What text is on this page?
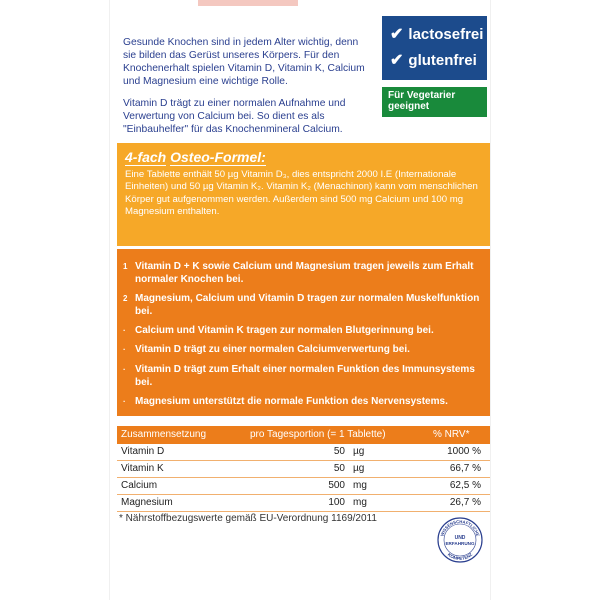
Gesunde Knochen sind in jedem Alter wichtig, denn sie bilden das Gerüst unseres Körpers. Für den Knochenerhalt spielen Vitamin D, Vitamin K, Calcium und Magnesium eine wichtige Rolle.

Vitamin D trägt zu einer normalen Aufnahme und Verwertung von Calcium bei. So dient es als "Einbauhelfer" für das Knochenmineral Calcium.

✔ lactosefrei
✔ glutenfrei
Für Vegetarier geeignet
4-fach Osteo-Formel:
Eine Tablette enthält 50 µg Vitamin D₃, dies entspricht 2000 I.E (Internationale Einheiten) und 50 µg Vitamin K₂. Vitamin K₂ (Menachinon) kann vom menschlichen Körper gut aufgenommen werden. Außerdem sind 500 mg Calcium und 100 mg Magnesium enthalten.
1 Vitamin D + K sowie Calcium und Magnesium tragen jeweils zum Erhalt normaler Knochen bei.
2 Magnesium, Calcium und Vitamin D tragen zur normalen Muskelfunktion bei.
· Calcium und Vitamin K tragen zur normalen Blutgerinnung bei.
· Vitamin D trägt zu einer normalen Calciumverwertung bei.
· Vitamin D trägt zum Erhalt einer normalen Funktion des Immunsystems bei.
· Magnesium unterstützt die normale Funktion des Nervensystems.
Zusammensetzung	pro Tagesportion (= 1 Tablette)	% NRV*
Vitamin D	50 µg	1000 %
Vitamin K	50 µg	66,7 %
Calcium	500 mg	62,5 %
Magnesium	100 mg	26,7 %
* Nährstoffbezugswerte gemäß EU-Verordnung 1169/2011
WISSENSCHAFTLICHE
UND
ERFAHRUNG
KOMPETENZ
